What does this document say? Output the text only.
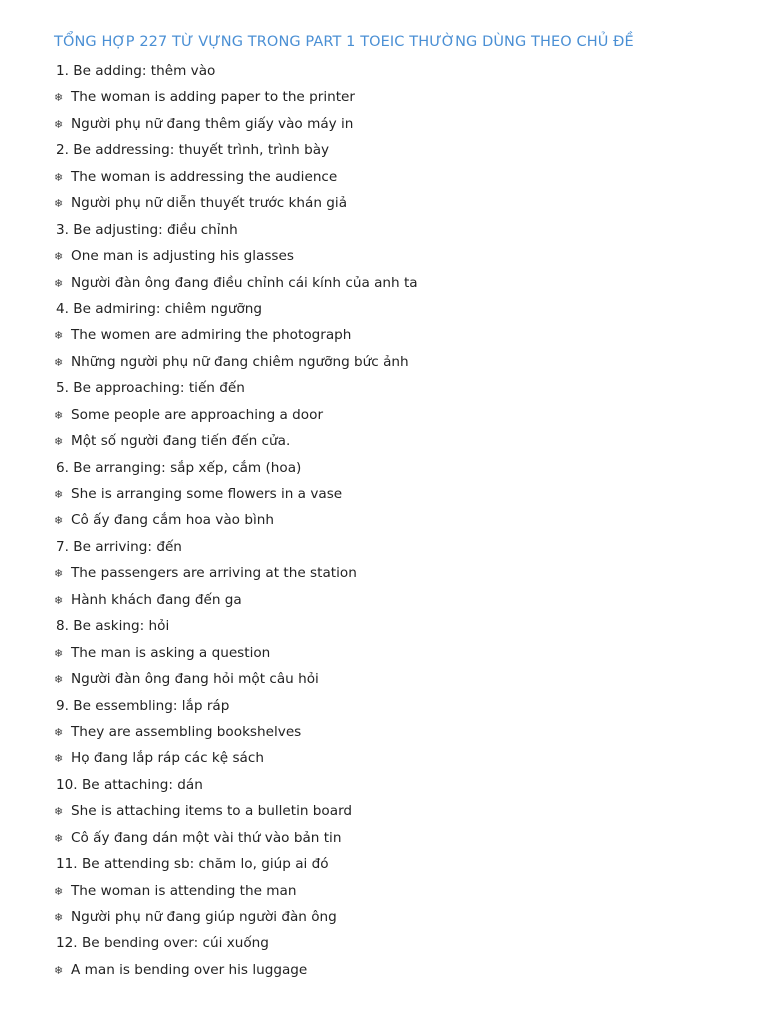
TỔNG HỢP 227 TỪ VỰNG TRONG PART 1 TOEIC THƯỜNG DÙNG THEO CHỦ ĐỀ
1. Be adding: thêm vào
❄ The woman is adding paper to the printer
❄ Người phụ nữ đang thêm giấy vào máy in
2. Be addressing: thuyết trình, trình bày
❄ The woman is addressing the audience
❄ Người phụ nữ diễn thuyết trước khán giả
3. Be adjusting: điều chỉnh
❄ One man is adjusting his glasses
❄ Người đàn ông đang điều chỉnh cái kính của anh ta
4. Be admiring: chiêm ngưỡng
❄ The women are admiring the photograph
❄ Những người phụ nữ đang chiêm ngưỡng bức ảnh
5. Be approaching: tiến đến
❄ Some people are approaching a door
❄ Một số người đang tiến đến cửa.
6. Be arranging: sắp xếp, cắm (hoa)
❄ She is arranging some flowers in a vase
❄ Cô ấy đang cắm hoa vào bình
7. Be arriving: đến
❄ The passengers are arriving at the station
❄ Hành khách đang đến ga
8. Be asking: hỏi
❄ The man is asking a question
❄ Người đàn ông đang hỏi một câu hỏi
9. Be essembling: lắp ráp
❄ They are assembling bookshelves
❄ Họ đang lắp ráp các kệ sách
10. Be attaching: dán
❄ She is attaching items to a bulletin board
❄ Cô ấy đang dán một vài thứ vào bản tin
11. Be attending sb: chăm lo, giúp ai đó
❄ The woman is attending the man
❄ Người phụ nữ đang giúp người đàn ông
12. Be bending over: cúi xuống
❄ A man is bending over his luggage
